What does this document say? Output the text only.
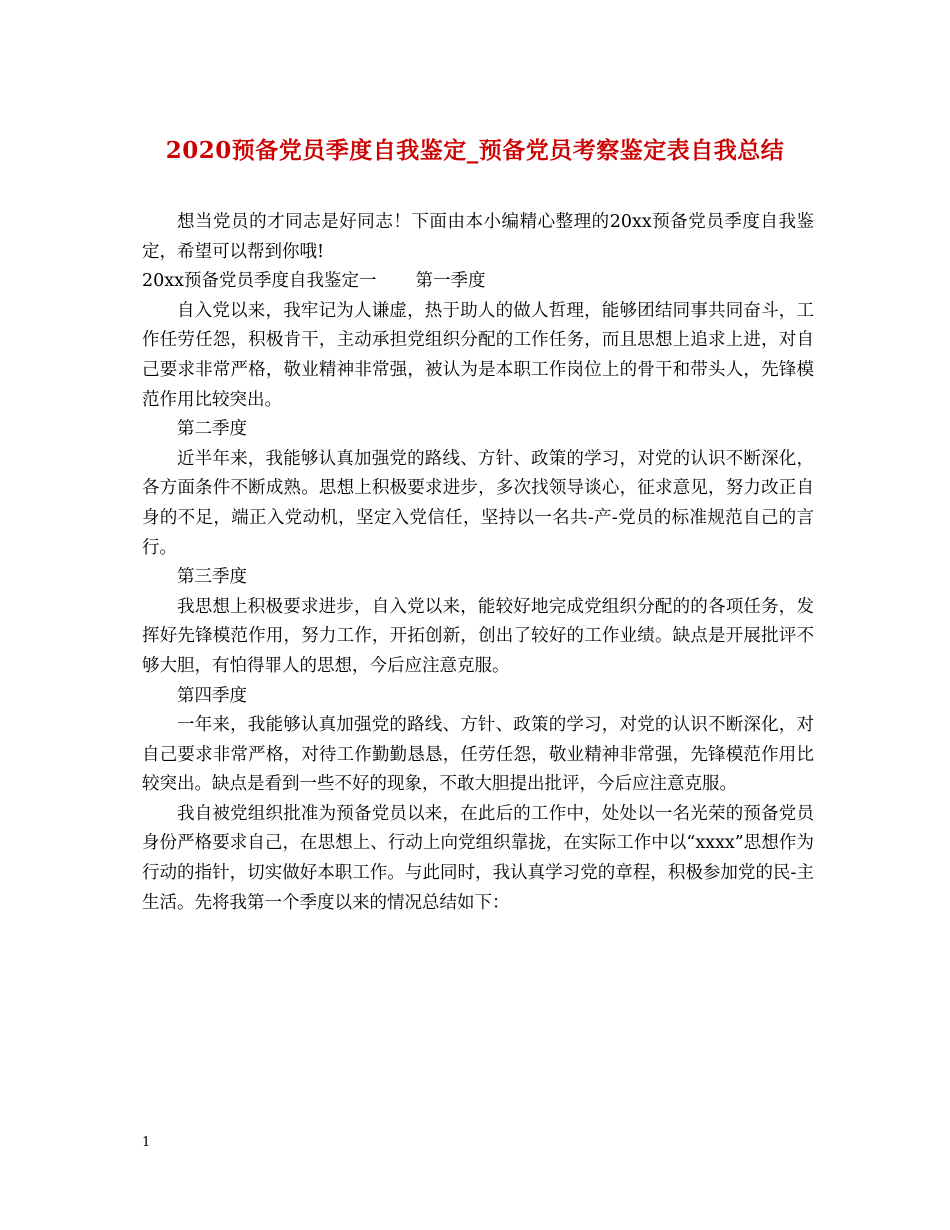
2020预备党员季度自我鉴定_预备党员考察鉴定表自我总结

想当党员的才同志是好同志！下面由本小编精心整理的20xx预备党员季度自我鉴定，希望可以帮到你哦!

20xx预备党员季度自我鉴定一 第一季度

自入党以来，我牢记为人谦虚，热于助人的做人哲理，能够团结同事共同奋斗，工作任劳任怨，积极肯干，主动承担党组织分配的工作任务，而且思想上追求上进，对自己要求非常严格，敬业精神非常强，被认为是本职工作岗位上的骨干和带头人，先锋模范作用比较突出。

第二季度

近半年来，我能够认真加强党的路线、方针、政策的学习，对党的认识不断深化，各方面条件不断成熟。思想上积极要求进步，多次找领导谈心，征求意见，努力改正自身的不足，端正入党动机，坚定入党信任，坚持以一名共-产-党员的标准规范自己的言行。

第三季度

我思想上积极要求进步，自入党以来，能较好地完成党组织分配的的各项任务，发挥好先锋模范作用，努力工作，开拓创新，创出了较好的工作业绩。缺点是开展批评不够大胆，有怕得罪人的思想，今后应注意克服。

第四季度

一年来，我能够认真加强党的路线、方针、政策的学习，对党的认识不断深化，对自己要求非常严格，对待工作勤勤恳恳，任劳任怨，敬业精神非常强，先锋模范作用比较突出。缺点是看到一些不好的现象，不敢大胆提出批评，今后应注意克服。

我自被党组织批准为预备党员以来，在此后的工作中，处处以一名光荣的预备党员身份严格要求自己，在思想上、行动上向党组织靠拢，在实际工作中以“xxxx”思想作为行动的指针，切实做好本职工作。与此同时，我认真学习党的章程，积极参加党的民-主生活。先将我第一个季度以来的情况总结如下：

1
